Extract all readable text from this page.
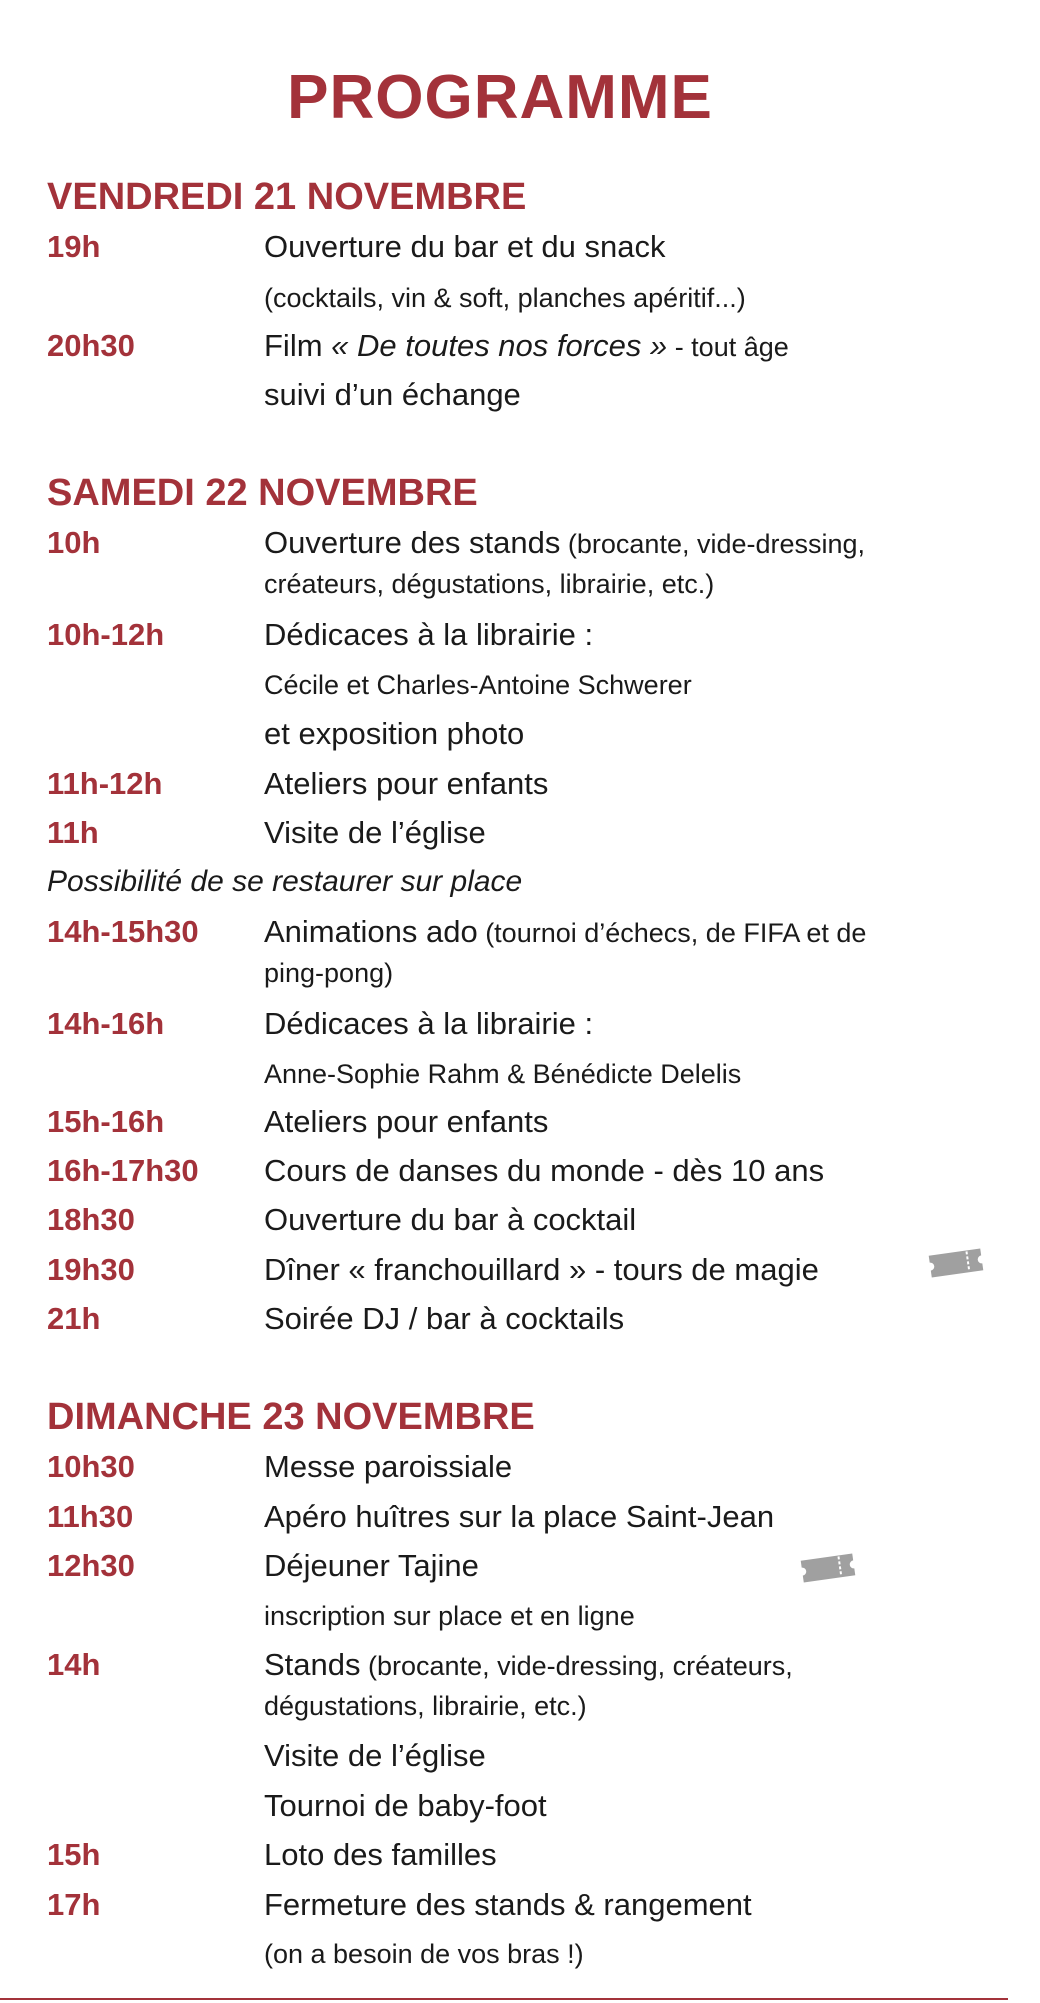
PROGRAMME
VENDREDI 21 NOVEMBRE
19h	Ouverture du bar et du snack
(cocktails, vin & soft, planches apéritif...)
20h30	Film « De toutes nos forces » - tout âge
suivi d’un échange
SAMEDI 22 NOVEMBRE
10h	Ouverture des stands (brocante, vide-dressing,
créateurs, dégustations, librairie, etc.)
10h-12h	Dédicaces à la librairie :
Cécile et Charles-Antoine Schwerer
et exposition photo
11h-12h	Ateliers pour enfants
11h	Visite de l’église
Possibilité de se restaurer sur place
14h-15h30 Animations ado (tournoi d’échecs, de FIFA et de
ping-pong)
14h-16h	Dédicaces à la librairie :
Anne-Sophie Rahm & Bénédicte Delelis
15h-16h	Ateliers pour enfants
16h-17h30 Cours de danses du monde - dès 10 ans
18h30	Ouverture du bar à cocktail
19h30	Dîner « franchouillard » - tours de magie
21h	Soirée DJ / bar à cocktails
DIMANCHE 23 NOVEMBRE
10h30	Messe paroissiale
11h30	Apéro huîtres sur la place Saint-Jean
12h30	Déjeuner Tajine
inscription sur place et en ligne
14h	Stands (brocante, vide-dressing, créateurs,
dégustations, librairie, etc.)
Visite de l’église
Tournoi de baby-foot
15h	Loto des familles
17h	Fermeture des stands & rangement
(on a besoin de vos bras !)
